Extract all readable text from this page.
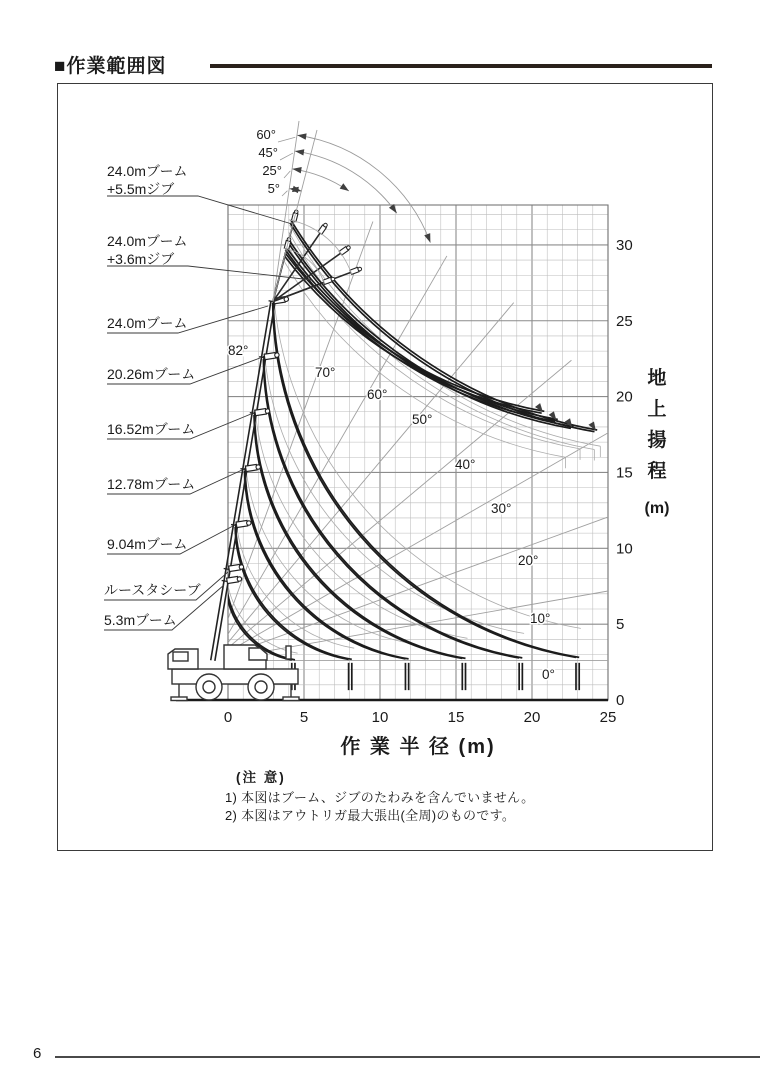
■作業範囲図
60°
45°
25°
5°
82°
70°
60°
50°
40°
30°
20°
10°
0°
24.0mブーム
+5.5mジブ
24.0mブーム
+3.6mジブ
24.0mブーム
20.26mブーム
16.52mブーム
12.78mブーム
9.04mブーム
ルースタシーブ
5.3mブーム
0	5	10	15	20	25
0
5
10
15
20
25
30
作 業 半 径 (m)
地
上
揚
程
(m)
(注 意)
1) 本図はブーム、ジブのたわみを含んでいません。
2) 本図はアウトリガ最大張出(全周)のものです。
6
